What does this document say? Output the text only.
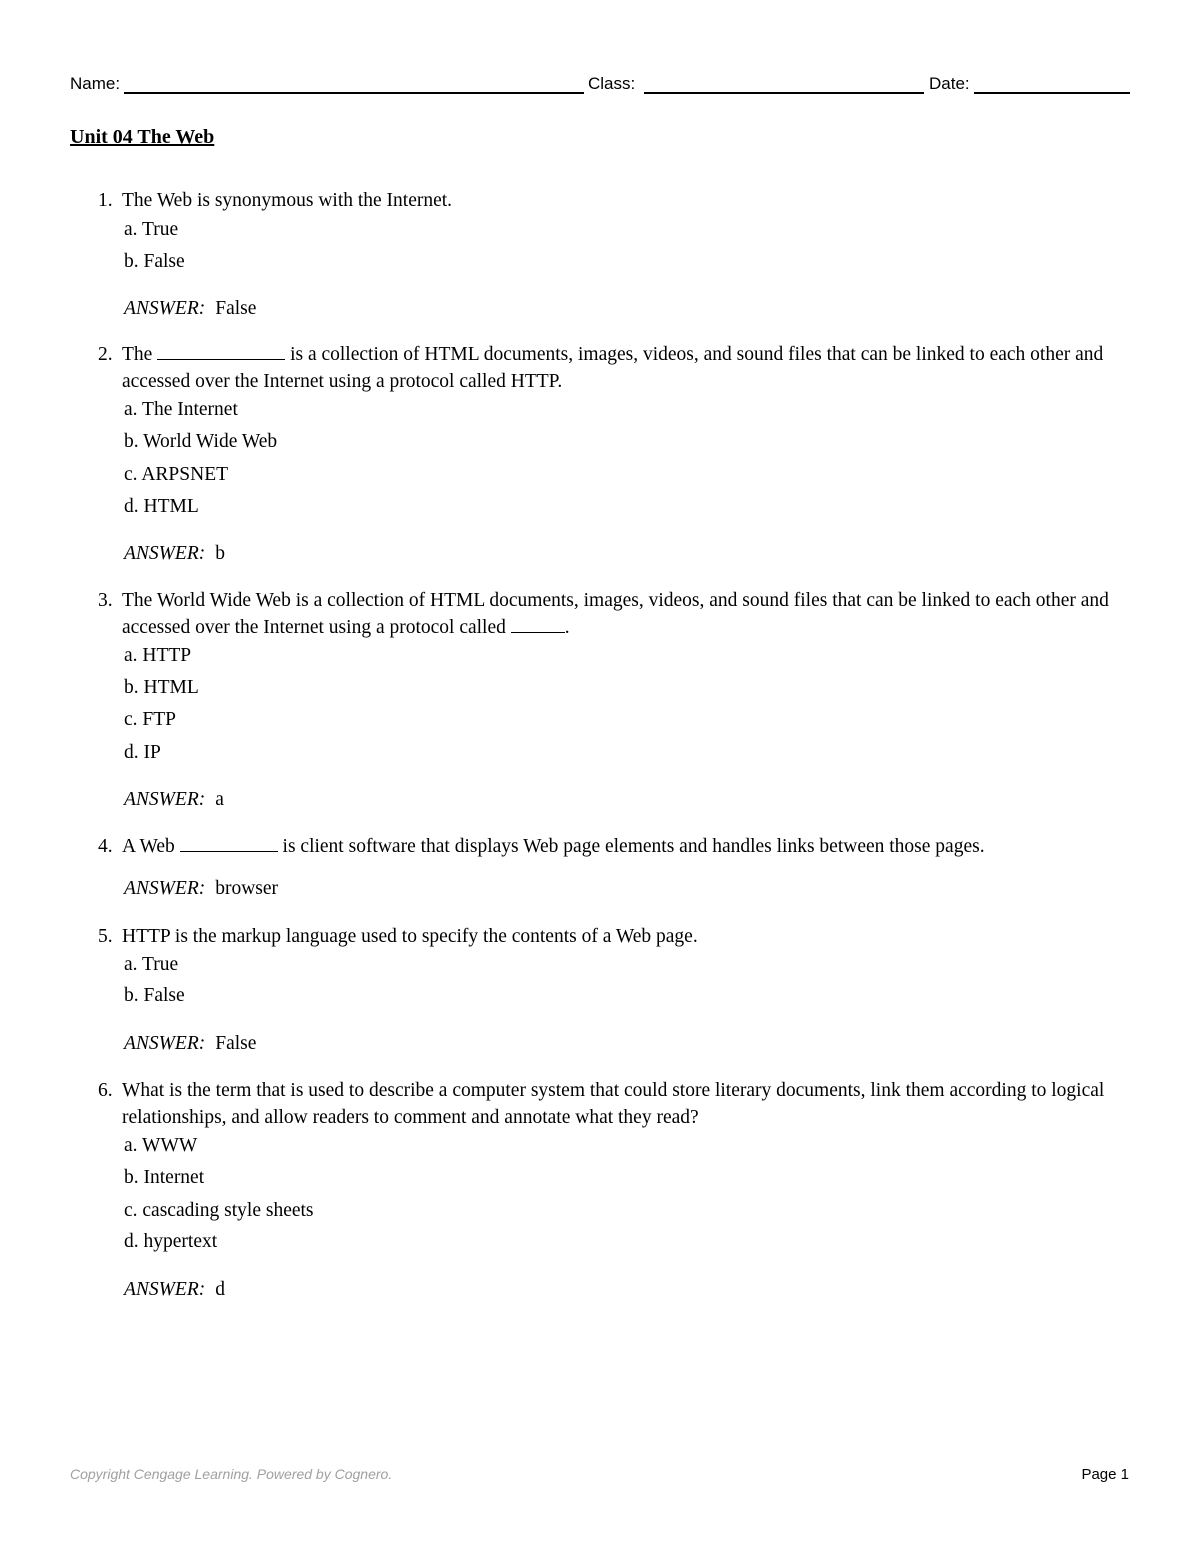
Name:	Class:	Date:
Unit 04 The Web
1. The Web is synonymous with the Internet.
a. True
b. False
ANSWER: False
2. The	is a collection of HTML documents, images, videos, and sound files that can be linked to each other and accessed over the Internet using a protocol called HTTP.
a. The Internet
b. World Wide Web
c. ARPSNET
d. HTML
ANSWER: b
3. The World Wide Web is a collection of HTML documents, images, videos, and sound files that can be linked to each other and accessed over the Internet using a protocol called	.
a. HTTP
b. HTML
c. FTP
d. IP
ANSWER: a
4. A Web	is client software that displays Web page elements and handles links between those pages.
ANSWER: browser
5. HTTP is the markup language used to specify the contents of a Web page.
a. True
b. False
ANSWER: False
6. What is the term that is used to describe a computer system that could store literary documents, link them according to logical relationships, and allow readers to comment and annotate what they read?
a. WWW
b. Internet
c. cascading style sheets
d. hypertext
ANSWER: d
Copyright Cengage Learning. Powered by Cognero.	Page 1
